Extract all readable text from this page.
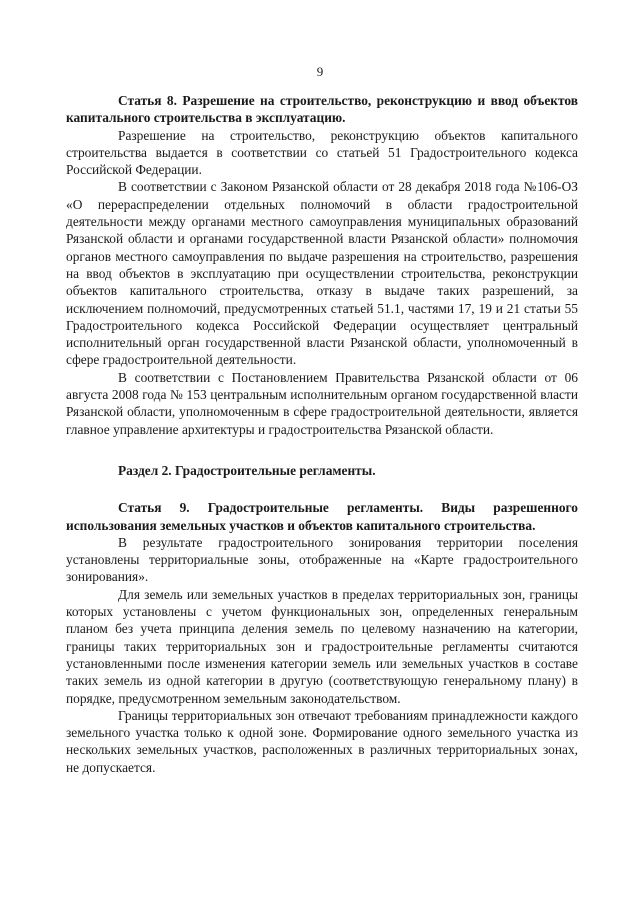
9

Статья 8. Разрешение на строительство, реконструкцию и ввод объектов капитального строительства в эксплуатацию.

Разрешение на строительство, реконструкцию объектов капитального строительства выдается в соответствии со статьей 51 Градостроительного кодекса Российской Федерации.

В соответствии с Законом Рязанской области от 28 декабря 2018 года №106-ОЗ «О перераспределении отдельных полномочий в области градостроительной деятельности между органами местного самоуправления муниципальных образований Рязанской области и органами государственной власти Рязанской области» полномочия органов местного самоуправления по выдаче разрешения на строительство, разрешения на ввод объектов в эксплуатацию при осуществлении строительства, реконструкции объектов капитального строительства, отказу в выдаче таких разрешений, за исключением полномочий, предусмотренных статьей 51.1, частями 17, 19 и 21 статьи 55 Градостроительного кодекса Российской Федерации осуществляет центральный исполнительный орган государственной власти Рязанской области, уполномоченный в сфере градостроительной деятельности.

В соответствии с Постановлением Правительства Рязанской области от 06 августа 2008 года № 153 центральным исполнительным органом государственной власти Рязанской области, уполномоченным в сфере градостроительной деятельности, является главное управление архитектуры и градостроительства Рязанской области.

Раздел 2. Градостроительные регламенты.

Статья 9. Градостроительные регламенты. Виды разрешенного использования земельных участков и объектов капитального строительства.

В результате градостроительного зонирования территории поселения установлены территориальные зоны, отображенные на «Карте градостроительного зонирования».

Для земель или земельных участков в пределах территориальных зон, границы которых установлены с учетом функциональных зон, определенных генеральным планом без учета принципа деления земель по целевому назначению на категории, границы таких территориальных зон и градостроительные регламенты считаются установленными после изменения категории земель или земельных участков в составе таких земель из одной категории в другую (соответствующую генеральному плану) в порядке, предусмотренном земельным законодательством.

Границы территориальных зон отвечают требованиям принадлежности каждого земельного участка только к одной зоне. Формирование одного земельного участка из нескольких земельных участков, расположенных в различных территориальных зонах, не допускается.
